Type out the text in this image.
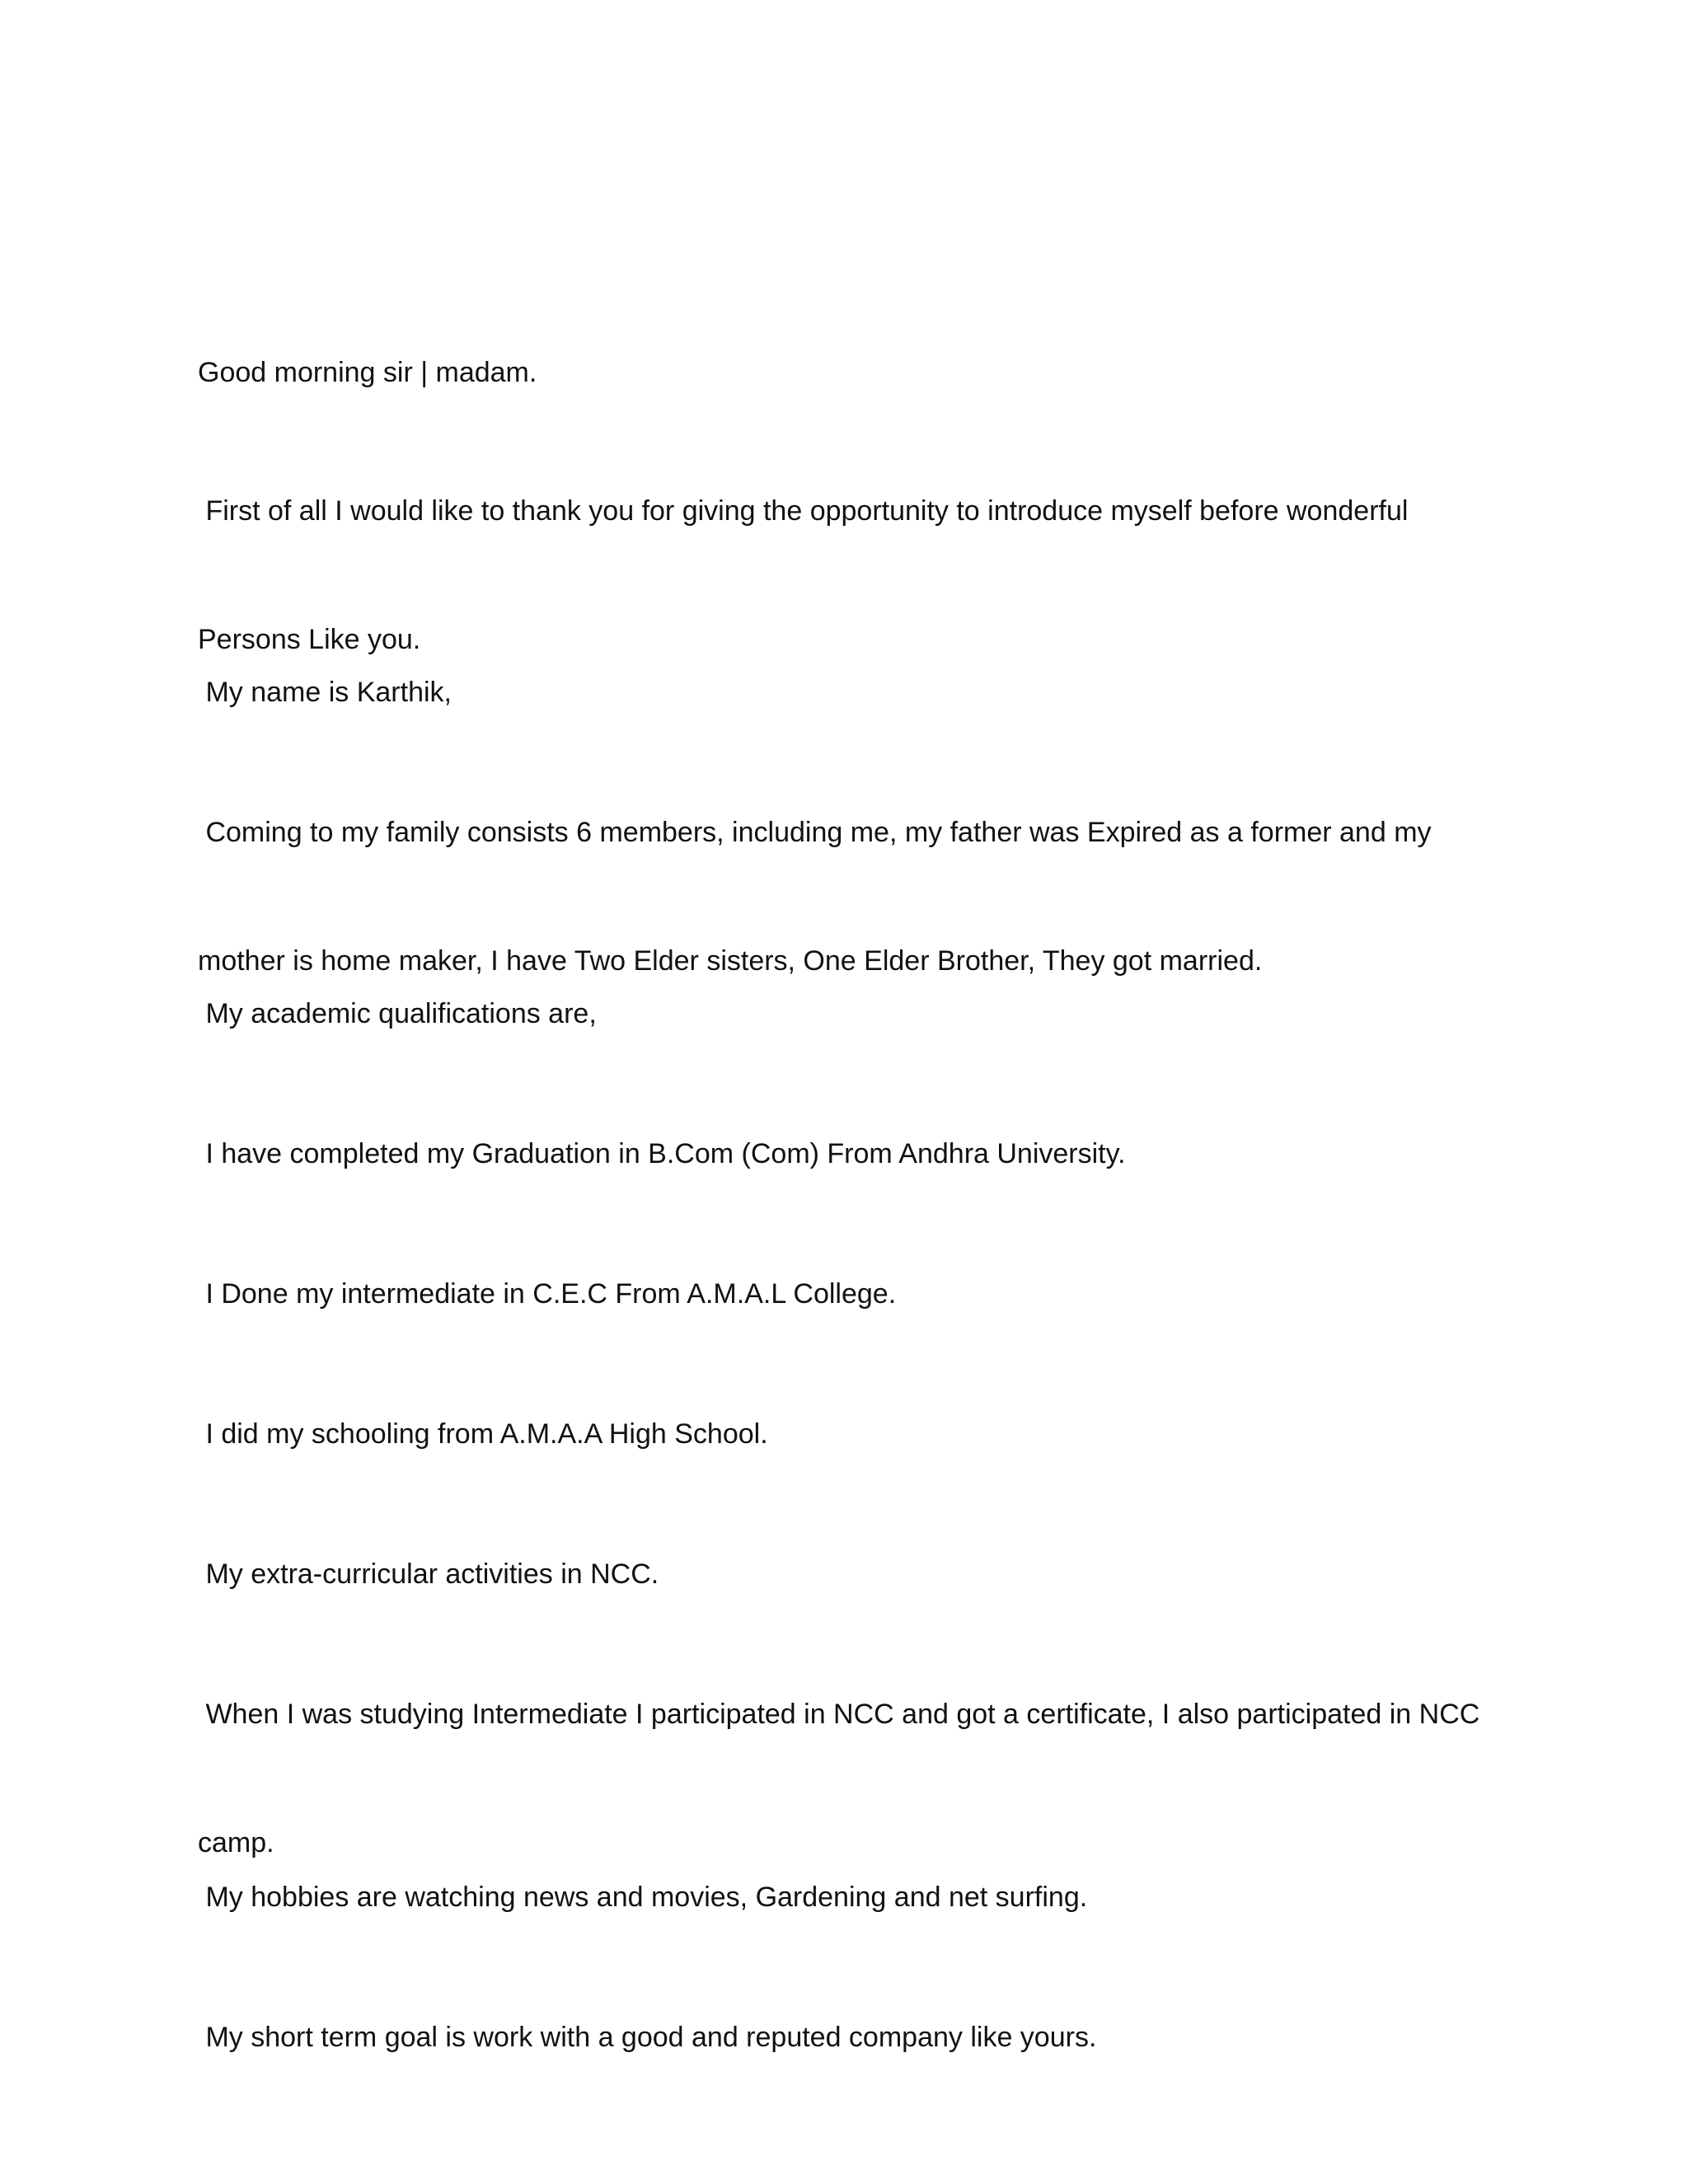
Good morning sir | madam.

First of all I would like to thank you for giving the opportunity to introduce myself before wonderful

Persons Like you.

My name is Karthik,

Coming to my family consists 6 members, including me, my father was Expired as a former and my

mother is home maker, I have Two Elder sisters, One Elder Brother, They got married.

My academic qualifications are,

I have completed my Graduation in B.Com (Com) From Andhra University.

I Done my intermediate in C.E.C From A.M.A.L College.

I did my schooling from A.M.A.A High School.

My extra-curricular activities in NCC.

When I was studying Intermediate I participated in NCC and got a certificate, I also participated in NCC

camp.

My hobbies are watching news and movies, Gardening and net surfing.

My short term goal is work with a good and reputed company like yours.
